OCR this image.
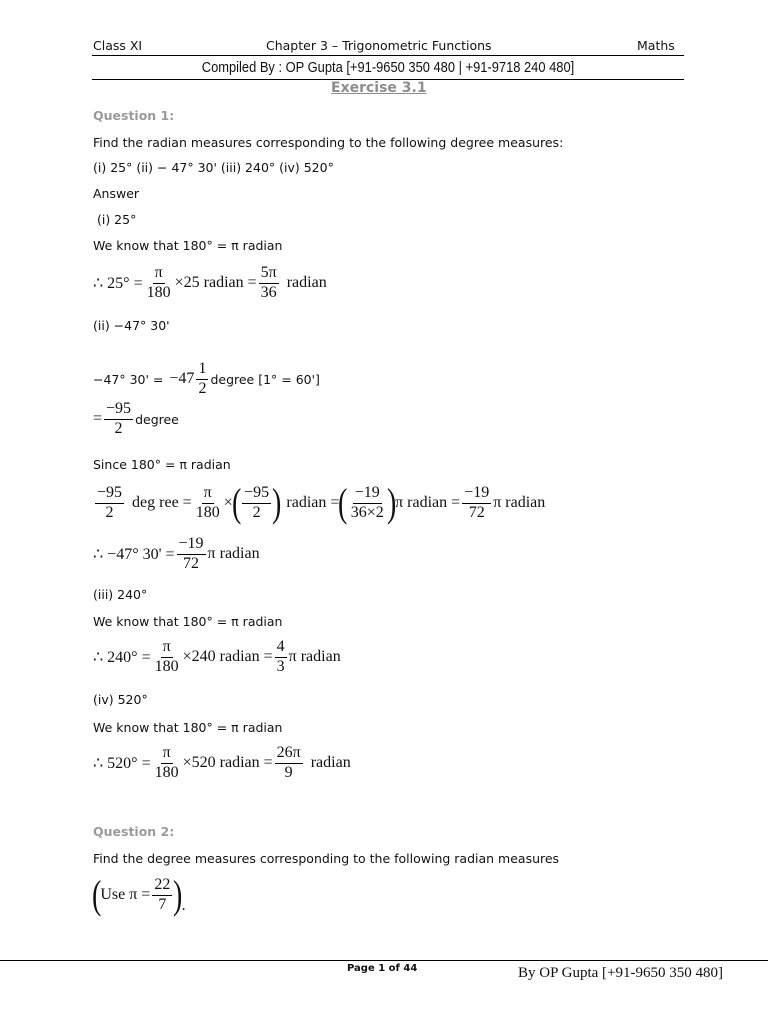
Class XI	Chapter 3 – Trigonometric Functions	Maths
Compiled By : OP Gupta [+91-9650 350 480 | +91-9718 240 480]
Exercise 3.1
Question 1:
Find the radian measures corresponding to the following degree measures:
(i) 25° (ii) − 47° 30' (iii) 240° (iv) 520°
Answer
(i) 25°
We know that 180° = π radian
∴ $25^\circ = \frac{\pi}{180} \times 25$ radian = $\frac{5\pi}{36}$ radian
(ii) −47° 30'
−47° $30' = -47 \frac{1}{2}$ degree [1° = 60']
= $\frac{-95}{2}$ degree
Since 180° = π radian
$\frac{-95}{2}$ deg ree = $\frac{\pi}{180}$ ×
( $\frac{-95}{2}$ ) radian =
( $\frac{-19}{36\times 2}$ )
π radian = $\frac{-19}{72}$ π radian
∴ −47° $30' = \frac{-19}{72}$ π radian
(iii) 240°
We know that 180° = π radian
∴ $240^\circ = \frac{\pi}{180} \times 240$ radian = $\frac{4}{3}$ π radian
(iv) 520°
We know that 180° = π radian
∴ $520^\circ = \frac{\pi}{180} \times 520$ radian = $\frac{26\pi}{9}$ radian
Question 2:
Find the degree measures corresponding to the following radian measures
(
Use $\pi = \frac{22}{7}$ )
.
Page 1 of 44	By OP Gupta [+91-9650 350 480]
